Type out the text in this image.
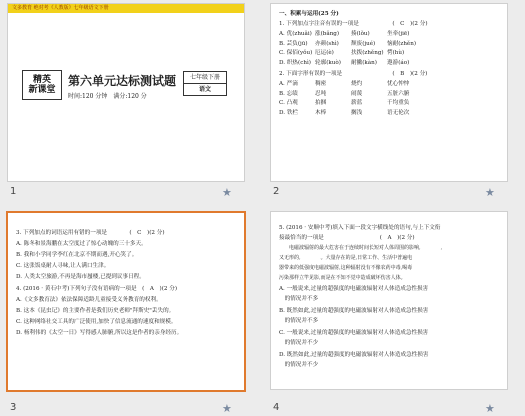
文多教育 绝对考《人教版》七年级语文下册
精英
新课堂
第六单元达标测试题
时间:120 分钟　满分:120 分
七年级下册
语文
1	★
一、积累与运用(25 分)
1. 下列加点字注音有误的一项是　　　　　　(　C　)(2 分)
A. 优(zhuǎi) 涨(bǎng)	揍(lǒu)	坐牵(jiē)
B. 芸负(jū)	亦颜(shì)	颓废(jué)	恼耐(zhěn)
C. 保佰(yǒu) 厄运(è)	扶拨(zhěng) 愕(hù)
D. 织热(chì) 轮廓(kuò)	耐撇(kàn)	遨游(áo)
2. 下面字形有误的一项是　　　　　　　　　(　B　)(2 分)
A. 严滴	稠密	烧灼	忧心忡忡
B. 忘绩	忍吨	闹蔑	五脏六腑
C. 凸观	拍捆	薪蓝	千均重负
D. 铁栏	木棒	搁浅	语无伦次
2	★
3. 下列加点的词语运用有错的一项是　　　　(　C　)(2 分)
A. 陈冬和景海鹏在太空度过了惊心动魄的三十多天。
B. 我和小学同学李红在北京不期而遇,开心笑了。
C. 这张饭桌耐人寻味,让人满口生津。
D. 人类太空旅游,不再是海市蜃楼,已提到议事日程。
4. (2016 · 黄石中考)下列句子没有语病的一项是　(　A　)(2 分)
A.《文多教育法》依法保障适龄儿童接受义务教育的权利。
B. 这本《昆虫记》的主要作者是我们历史老师"拜斯史"丢失的。
C. 这种网络社交工具的广泛使用,加快了信息流通的速度和规模。
D. 杨利伟的《太空一日》写得感人肺腑,所以这是作者的亲身经历。
3	★
5. (2016 · 安顺中考)填入下面一段文字横线处的语句,与上下文衔
接最恰当的一项是　　　　　　　　　　(　A　)(2 分)
　　电磁波辐射的最大危害在于连续时间长短对人体周围的影响,　　　　,
又无形的,　　　　。大量存在的是,日常工作、生活中普遍电
器带来的低强度电磁波辐射,这种辐射没有不像农药中毒,喝毒
污染那样立竿见影,而是在不知不觉中造成破坏伤害人体。
A. 一般说来,过量的超强度的电磁波辐射对人体造成急性损害
　的情况并不多
B. 既然如此,过量的超强度的电磁波辐射对人体造成急性损害
　的情况并不多
C. 一般说来,过量的超强度的电磁波辐射对人体造成急性损害
　的情况并不少
D. 既然如此,过量的超强度的电磁波辐射对人体造成急性损害
　的情况并不少
4	★
